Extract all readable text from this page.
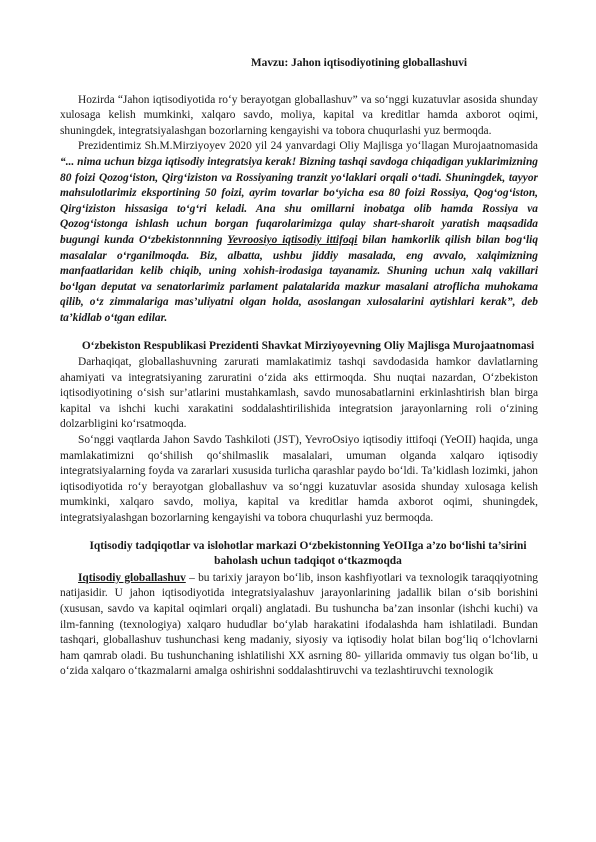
Mavzu: Jahon iqtisodiyotining globallashuvi

Hozirda “Jahon iqtisodiyotida ro‘y berayotgan globallashuv” va so‘nggi kuzatuvlar asosida shunday xulosaga kelish mumkinki, xalqaro savdo, moliya, kapital va kreditlar hamda axborot oqimi, shuningdek, integratsiyalashgan bozorlarning kengayishi va tobora chuqurlashi yuz bermoqda.

Prezidentimiz Sh.M.Mirziyoyev 2020 yil 24 yanvardagi Oliy Majlisga yo‘llagan Murojaatnomasida “... nima uchun bizga iqtisodiy integratsiya kerak! Bizning tashqi savdoga chiqadigan yuklarimizning 80 foizi Qozog‘iston, Qirg‘iziston va Rossiyaning tranzit yo‘laklari orqali o‘tadi. Shuningdek, tayyor mahsulotlarimiz eksportining 50 foizi, ayrim tovarlar bo‘yicha esa 80 foizi Rossiya, Qog‘og‘iston, Qirg‘iziston hissasiga to‘g‘ri keladi. Ana shu omillarni inobatga olib hamda Rossiya va Qozog‘istonga ishlash uchun borgan fuqarolarimizga qulay shart-sharoit yaratish maqsadida bugungi kunda O‘zbekistonnning Yevroosiyo iqtisodiy ittifoqi bilan hamkorlik qilish bilan bog‘liq masalalar o‘rganilmoqda. Biz, albatta, ushbu jiddiy masalada, eng avvalo, xalqimizning manfaatlaridan kelib chiqib, uning xohish-irodasiga tayanamiz. Shuning uchun xalq vakillari bo‘lgan deputat va senatorlarimiz parlament palatalarida mazkur masalani atroflicha muhokama qilib, o‘z zimmalariga mas’uliyatni olgan holda, asoslangan xulosalarini aytishlari kerak”, deb ta’kidlab o‘tgan edilar.

O‘zbekiston Respublikasi Prezidenti Shavkat Mirziyoyevning Oliy Majlisga Murojaatnomasi

Darhaqiqat, globallashuvning zarurati mamlakatimiz tashqi savdodasida hamkor davlatlarning ahamiyati va integratsiyaning zaruratini o‘zida aks ettirmoqda. Shu nuqtai nazardan, O‘zbekiston iqtisodiyotining o‘sish sur’atlarini mustahkamlash, savdo munosabatlarnini erkinlashtirish blan birga kapital va ishchi kuchi xarakatini soddalashtirilishida integratsion jarayonlarning roli o‘zining dolzarbligini ko‘rsatmoqda.

So‘nggi vaqtlarda Jahon Savdo Tashkiloti (JST), YevroOsiyo iqtisodiy ittifoqi (YeOII) haqida, unga mamlakatimizni qo‘shilish qo‘shilmaslik masalalari, umuman olganda xalqaro iqtisodiy integratsiyalarning foyda va zararlari xususida turlicha qarashlar paydo bo‘ldi. Ta’kidlash lozimki, jahon iqtisodiyotida ro‘y berayotgan globallashuv va so‘nggi kuzatuvlar asosida shunday xulosaga kelish mumkinki, xalqaro savdo, moliya, kapital va kreditlar hamda axborot oqimi, shuningdek, integratsiyalashgan bozorlarning kengayishi va tobora chuqurlashi yuz bermoqda.

Iqtisodiy tadqiqotlar va islohotlar markazi O‘zbekistonning YeOIIga a’zo bo‘lishi ta’sirini baholash uchun tadqiqot o‘tkazmoqda

Iqtisodiy globallashuv – bu tarixiy jarayon bo‘lib, inson kashfiyotlari va texnologik taraqqiyotning natijasidir. U jahon iqtisodiyotida integratsiyalashuv jarayonlarining jadallik bilan o‘sib borishini (xususan, savdo va kapital oqimlari orqali) anglatadi. Bu tushuncha ba’zan insonlar (ishchi kuchi) va ilm-fanning (texnologiya) xalqaro hududlar bo‘ylab harakatini ifodalashda ham ishlatiladi. Bundan tashqari, globallashuv tushunchasi keng madaniy, siyosiy va iqtisodiy holat bilan bog‘liq o‘lchovlarni ham qamrab oladi. Bu tushunchaning ishlatilishi XX asrning 80- yillarida ommaviy tus olgan bo‘lib, u o‘zida xalqaro o‘tkazmalarni amalga oshirishni soddalashtiruvchi va tezlashtiruvchi texnologik
